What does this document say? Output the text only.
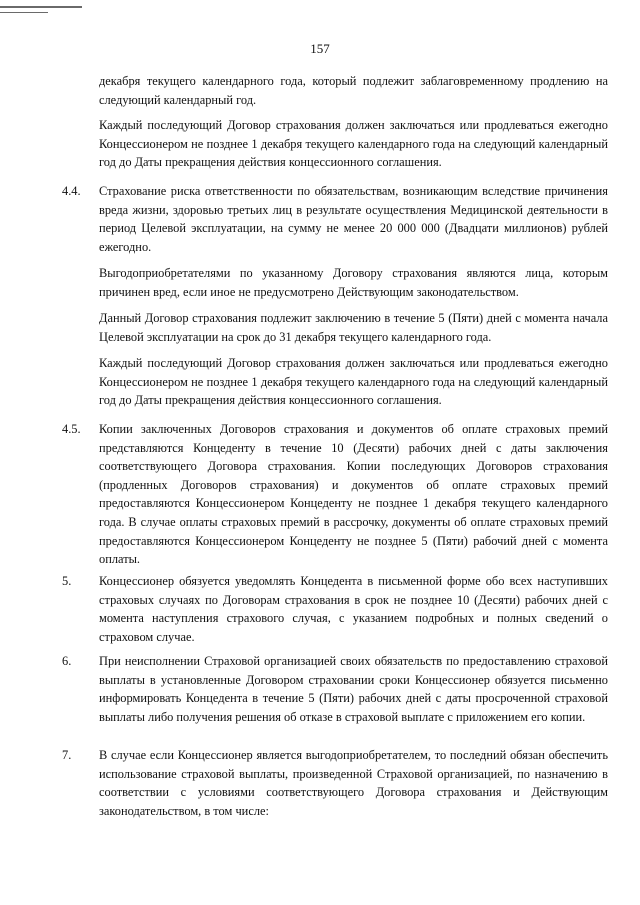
157
декабря текущего календарного года, который подлежит заблаговременному продлению на следующий календарный год.
Каждый последующий Договор страхования должен заключаться или продлеваться ежегодно Концессионером не позднее 1 декабря текущего календарного года на следующий календарный год до Даты прекращения действия концессионного соглашения.
4.4. Страхование риска ответственности по обязательствам, возникающим вследствие причинения вреда жизни, здоровью третьих лиц в результате осуществления Медицинской деятельности в период Целевой эксплуатации, на сумму не менее 20 000 000 (Двадцати миллионов) рублей ежегодно.
Выгодоприобретателями по указанному Договору страхования являются лица, которым причинен вред, если иное не предусмотрено Действующим законодательством.
Данный Договор страхования подлежит заключению в течение 5 (Пяти) дней с момента начала Целевой эксплуатации на срок до 31 декабря текущего календарного года.
Каждый последующий Договор страхования должен заключаться или продлеваться ежегодно Концессионером не позднее 1 декабря текущего календарного года на следующий календарный год до Даты прекращения действия концессионного соглашения.
4.5. Копии заключенных Договоров страхования и документов об оплате страховых премий представляются Концеденту в течение 10 (Десяти) рабочих дней с даты заключения соответствующего Договора страхования. Копии последующих Договоров страхования (продленных Договоров страхования) и документов об оплате страховых премий предоставляются Концессионером Концеденту не позднее 1 декабря текущего календарного года. В случае оплаты страховых премий в рассрочку, документы об оплате страховых премий предоставляются Концессионером Концеденту не позднее 5 (Пяти) рабочий дней с момента оплаты.
5. Концессионер обязуется уведомлять Концедента в письменной форме обо всех наступивших страховых случаях по Договорам страхования в срок не позднее 10 (Десяти) рабочих дней с момента наступления страхового случая, с указанием подробных и полных сведений о страховом случае.
6. При неисполнении Страховой организацией своих обязательств по предоставлению страховой выплаты в установленные Договором страховании сроки Концессионер обязуется письменно информировать Концедента в течение 5 (Пяти) рабочих дней с даты просроченной страховой выплаты либо получения решения об отказе в страховой выплате с приложением его копии.
7. В случае если Концессионер является выгодоприобретателем, то последний обязан обеспечить использование страховой выплаты, произведенной Страховой организацией, по назначению в соответствии с условиями соответствующего Договора страхования и Действующим законодательством, в том числе:
